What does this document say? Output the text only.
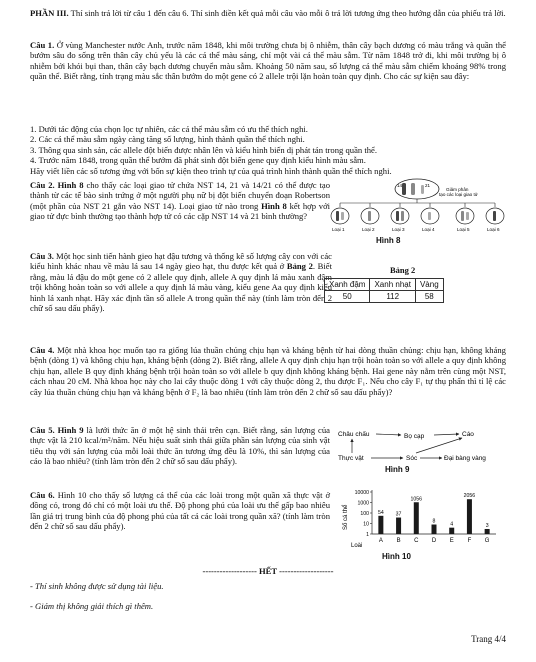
PHẦN III. Thí sinh trả lời từ câu 1 đến câu 6. Thí sinh điền kết quả mỗi câu vào mỗi ô trả lời tương ứng theo hướng dẫn của phiếu trả lời.
Câu 1. Ở vùng Manchester nước Anh, trước năm 1848, khi môi trường chưa bị ô nhiễm, thân cây bạch dương có màu trắng và quần thể bướm sâu đo sống trên thân cây chủ yếu là các cá thể màu sáng, chỉ một vài cá thể màu sẫm. Từ năm 1848 trở đi, khi môi trường bị ô nhiễm bởi khói bụi than, thân cây bạch dương chuyển màu sẫm. Khoảng 50 năm sau, số lượng cá thể màu sẫm chiếm khoảng 98% trong quần thể. Biết rằng, tính trạng màu sắc thân bướm do một gene có 2 allele trội lặn hoàn toàn quy định. Cho các sự kiện sau đây:
1. Dưới tác động của chọn lọc tự nhiên, các cá thể màu sẫm có ưu thế thích nghi.
2. Các cá thể màu sẫm ngày càng tăng số lượng, hình thành quần thể thích nghi.
3. Thông qua sinh sản, các allele đột biến được nhân lên và kiểu hình biến dị phát tán trong quần thể.
4. Trước năm 1848, trong quần thể bướm đã phát sinh đột biến gene quy định kiểu hình màu sẫm.
Hãy viết liền các số tương ứng với bốn sự kiện theo trình tự của quá trình hình thành quần thể thích nghi.
Câu 2. Hình 8 cho thấy các loại giao tử chứa NST 14, 21 và 14/21 có thể được tạo thành từ các tế bào sinh trứng ở một người phụ nữ bị đột biến chuyển đoạn Robertson (một phần của NST 21 gắn vào NST 14). Loại giao tử nào trong Hình 8 kết hợp với giao tử đực bình thường tạo thành hợp tử có các cặp NST 14 và 21 bình thường?
14	21
Giảm phân tạo các loại giao tử
Loại 1	Loại 2	Loại 3	Loại 4	Loại 5	Loại 6
Hình 8
Câu 3. Một học sinh tiến hành gieo hạt đậu tương và thống kê số lượng cây con với các kiểu hình khác nhau về màu lá sau 14 ngày gieo hạt, thu được kết quả ở Bảng 2. Biết rằng, màu lá đậu do một gene có 2 allele quy định, allele A quy định lá màu xanh đậm trội không hoàn toàn so với allele a quy định lá màu vàng, kiểu gene Aa quy định kiểu hình lá xanh nhạt. Hãy xác định tần số allele A trong quần thể này (tính làm tròn đến 2 chữ số sau dấu phẩy).
Bảng 2
Xanh đậm	Xanh nhạt	Vàng
50	112	58
Câu 4. Một nhà khoa học muốn tạo ra giống lúa thuần chủng chịu hạn và kháng bệnh từ hai dòng thuần chủng: chịu hạn, không kháng bệnh (dòng 1) và không chịu hạn, kháng bệnh (dòng 2). Biết rằng, allele A quy định chịu hạn trội hoàn toàn so với allele a quy định không chịu hạn, allele B quy định kháng bệnh trội hoàn toàn so với allele b quy định không kháng bệnh. Hai gene này nằm trên cùng một NST, cách nhau 20 cM. Nhà khoa học này cho lai cây thuộc dòng 1 với cây thuộc dòng 2, thu được F₁. Nếu cho cây F₁ tự thụ phấn thì tỉ lệ các cây lúa thuần chủng chịu hạn và kháng bệnh ở F₂ là bao nhiêu (tính làm tròn đến 2 chữ số sau dấu phẩy)?
Câu 5. Hình 9 là lưới thức ăn ở một hệ sinh thái trên cạn. Biết rằng, sản lượng của thực vật là 210 kcal/m²/năm. Nếu hiệu suất sinh thái giữa phần sản lượng của sinh vật tiêu thụ với sản lượng của mỗi loài thức ăn tương ứng đều là 10%, thì sản lượng của cáo là bao nhiêu? (tính làm tròn đến 2 chữ số sau dấu phẩy).
Châu chấu	Bọ cạp	Cáo
Thực vật	Sóc	Đại bàng vàng
Hình 9
Câu 6. Hình 10 cho thấy số lượng cá thể của các loài trong một quần xã thực vật ở đồng cỏ, trong đó chỉ có một loài ưu thế. Độ phong phú của loài ưu thế gấp bao nhiêu lần giá trị trung bình của độ phong phú của tất cả các loài trong quần xã? (tính làm tròn đến 2 chữ số sau dấu phẩy).	Số cá thể
Loài
1
10
100
1000
10000
54
A
37
B
1056
C
8
D
4
E
2056
F
3
G
Hình 10
------------------- HẾT -------------------
- Thí sinh không được sử dụng tài liệu.
- Giám thị không giải thích gì thêm.
Trang 4/4
